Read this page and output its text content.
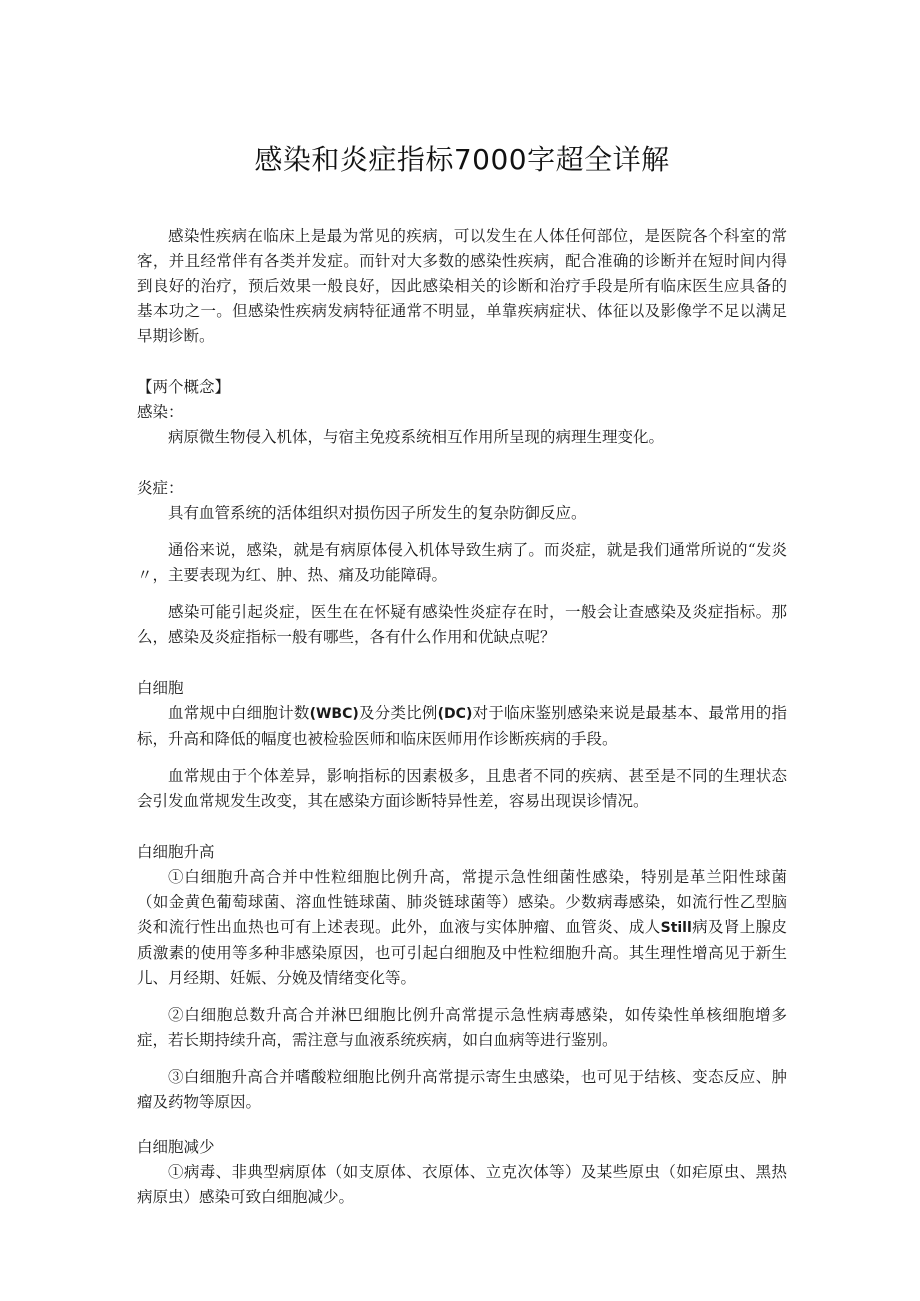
感染和炎症指标7000字超全详解

感染性疾病在临床上是最为常见的疾病，可以发生在人体任何部位，是医院各个科室的常客，并且经常伴有各类并发症。而针对大多数的感染性疾病，配合准确的诊断并在短时间内得到良好的治疗，预后效果一般良好，因此感染相关的诊断和治疗手段是所有临床医生应具备的基本功之一。但感染性疾病发病特征通常不明显，单靠疾病症状、体征以及影像学不足以满足早期诊断。

【两个概念】

感染：

病原微生物侵入机体，与宿主免疫系统相互作用所呈现的病理生理变化。

炎症：

具有血管系统的活体组织对损伤因子所发生的复杂防御反应。

通俗来说，感染，就是有病原体侵入机体导致生病了。而炎症，就是我们通常所说的“发炎〃，主要表现为红、肿、热、痛及功能障碍。

感染可能引起炎症，医生在在怀疑有感染性炎症存在时，一般会让查感染及炎症指标。那么，感染及炎症指标一般有哪些，各有什么作用和优缺点呢？

白细胞

血常规中白细胞计数(WBC)及分类比例(DC)对于临床鉴别感染来说是最基本、最常用的指标，升高和降低的幅度也被检验医师和临床医师用作诊断疾病的手段。

血常规由于个体差异，影响指标的因素极多，且患者不同的疾病、甚至是不同的生理状态会引发血常规发生改变，其在感染方面诊断特异性差，容易出现误诊情况。

白细胞升高

①白细胞升高合并中性粒细胞比例升高，常提示急性细菌性感染，特别是革兰阳性球菌（如金黄色葡萄球菌、溶血性链球菌、肺炎链球菌等）感染。少数病毒感染，如流行性乙型脑炎和流行性出血热也可有上述表现。此外，血液与实体肿瘤、血管炎、成人Still病及肾上腺皮质激素的使用等多种非感染原因，也可引起白细胞及中性粒细胞升高。其生理性增高见于新生儿、月经期、妊娠、分娩及情绪变化等。

②白细胞总数升高合并淋巴细胞比例升高常提示急性病毒感染，如传染性单核细胞增多症，若长期持续升高，需注意与血液系统疾病，如白血病等进行鉴别。

③白细胞升高合并嗜酸粒细胞比例升高常提示寄生虫感染，也可见于结核、变态反应、肿瘤及药物等原因。

白细胞减少

①病毒、非典型病原体（如支原体、衣原体、立克次体等）及某些原虫（如疟原虫、黑热病原虫）感染可致白细胞减少。
